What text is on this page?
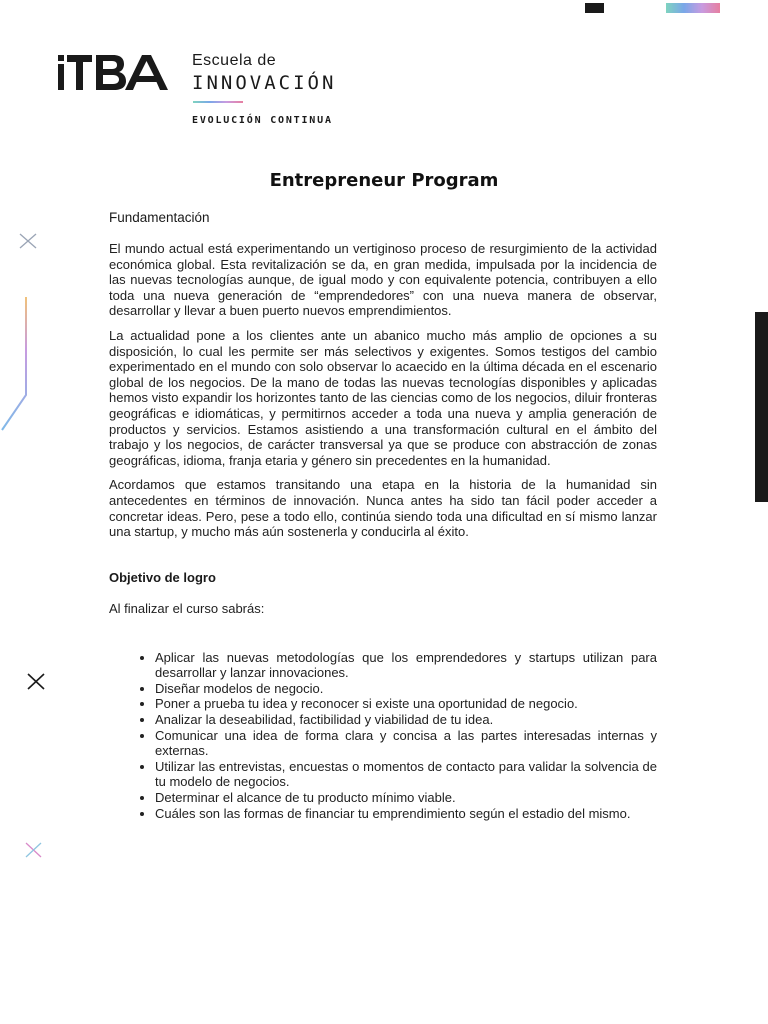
Escuela de
INNOVACIÓN
EVOLUCIÓN CONTINUA
Entrepreneur Program
Fundamentación

El mundo actual está experimentando un vertiginoso proceso de resurgimiento de la actividad económica global. Esta revitalización se da, en gran medida, impulsada por la incidencia de las nuevas tecnologías aunque, de igual modo y con equivalente potencia, contribuyen a ello toda una nueva generación de “emprendedores” con una nueva manera de observar, desarrollar y llevar a buen puerto nuevos emprendimientos.

La actualidad pone a los clientes ante un abanico mucho más amplio de opciones a su disposición, lo cual les permite ser más selectivos y exigentes. Somos testigos del cambio experimentado en el mundo con solo observar lo acaecido en la última década en el escenario global de los negocios. De la mano de todas las nuevas tecnologías disponibles y aplicadas hemos visto expandir los horizontes tanto de las ciencias como de los negocios, diluir fronteras geográficas e idiomáticas, y permitirnos acceder a toda una nueva y amplia generación de productos y servicios. Estamos asistiendo a una transformación cultural en el ámbito del trabajo y los negocios, de carácter transversal ya que se produce con abstracción de zonas geográficas, idioma, franja etaria y género sin precedentes en la humanidad.

Acordamos que estamos transitando una etapa en la historia de la humanidad sin antecedentes en términos de innovación. Nunca antes ha sido tan fácil poder acceder a concretar ideas. Pero, pese a todo ello, continúa siendo toda una dificultad en sí mismo lanzar una startup, y mucho más aún sostenerla y conducirla al éxito.

Objetivo de logro
Al finalizar el curso sabrás:
• Aplicar las nuevas metodologías que los emprendedores y startups utilizan para desarrollar y lanzar innovaciones.
• Diseñar modelos de negocio.
• Poner a prueba tu idea y reconocer si existe una oportunidad de negocio.
• Analizar la deseabilidad, factibilidad y viabilidad de tu idea.
• Comunicar una idea de forma clara y concisa a las partes interesadas internas y externas.
• Utilizar las entrevistas, encuestas o momentos de contacto para validar la solvencia de tu modelo de negocios.
• Determinar el alcance de tu producto mínimo viable.
• Cuáles son las formas de financiar tu emprendimiento según el estadio del mismo.
